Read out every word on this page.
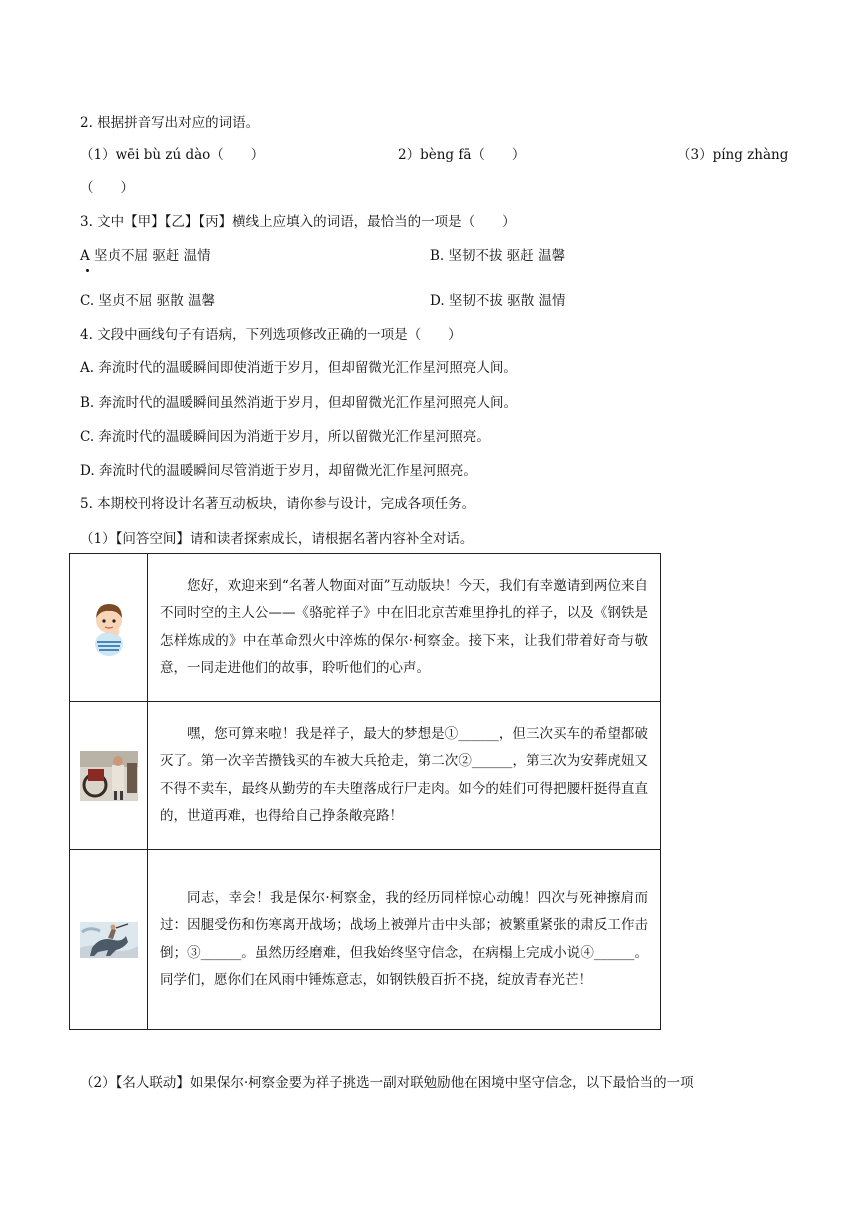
2. 根据拼音写出对应的词语。
（1）wēi bù zú dào（　　）	2）bèng fā（　　）	（3）píng zhàng
（　　）
3. 文中【甲】【乙】【丙】横线上应填入的词语，最恰当的一项是（　　）
A 坚贞不屈 驱赶 温情	B. 坚韧不拔 驱赶 温馨
C. 坚贞不屈 驱散 温馨	D. 坚韧不拔 驱散 温情
4. 文段中画线句子有语病，下列选项修改正确的一项是（　　）
A. 奔流时代的温暖瞬间即使消逝于岁月，但却留微光汇作星河照亮人间。
B. 奔流时代的温暖瞬间虽然消逝于岁月，但却留微光汇作星河照亮人间。
C. 奔流时代的温暖瞬间因为消逝于岁月，所以留微光汇作星河照亮。
D. 奔流时代的温暖瞬间尽管消逝于岁月，却留微光汇作星河照亮。
5. 本期校刊将设计名著互动板块，请你参与设计，完成各项任务。
（1）【问答空间】请和读者探索成长，请根据名著内容补全对话。
	您好，欢迎来到“名著人物面对面”互动版块！今天，我们有幸邀请到两位来自不同时空的主人公——《骆驼祥子》中在旧北京苦难里挣扎的祥子，以及《钢铁是怎样炼成的》中在革命烈火中淬炼的保尔·柯察金。接下来，让我们带着好奇与敬意，一同走进他们的故事，聆听他们的心声。

	嘿，您可算来啦！我是祥子，最大的梦想是①______，但三次买车的希望都破灭了。第一次辛苦攒钱买的车被大兵抢走，第二次②______，第三次为安葬虎妞又不得不卖车，最终从勤劳的车夫堕落成行尸走肉。如今的娃们可得把腰杆挺得直直的，世道再难，也得给自己挣条敞亮路！

	同志，幸会！我是保尔·柯察金，我的经历同样惊心动魄！四次与死神擦肩而过：因腿受伤和伤寒离开战场；战场上被弹片击中头部；被繁重紧张的肃反工作击倒；③______。虽然历经磨难，但我始终坚守信念，在病榻上完成小说④______。同学们，愿你们在风雨中锤炼意志，如钢铁般百折不挠，绽放青春光芒！
（2）【名人联动】如果保尔·柯察金要为祥子挑选一副对联勉励他在困境中坚守信念，以下最恰当的一项
